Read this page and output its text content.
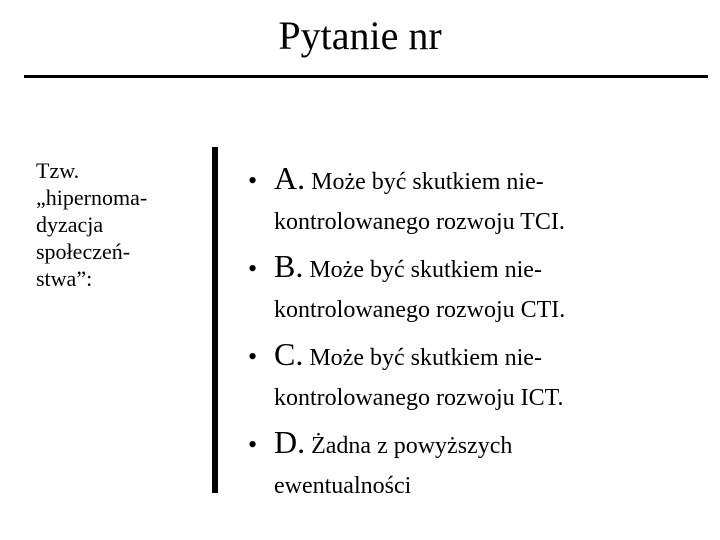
Pytanie nr
Tzw.
„hipernoma-
dyzacja
społeczeń-
stwa”:
• A. Może być skutkiem nie-
kontrolowanego rozwoju TCI.
• B. Może być skutkiem nie-
kontrolowanego rozwoju CTI.
• C. Może być skutkiem nie-
kontrolowanego rozwoju ICT.
• D. Żadna z powyższych
ewentualności
